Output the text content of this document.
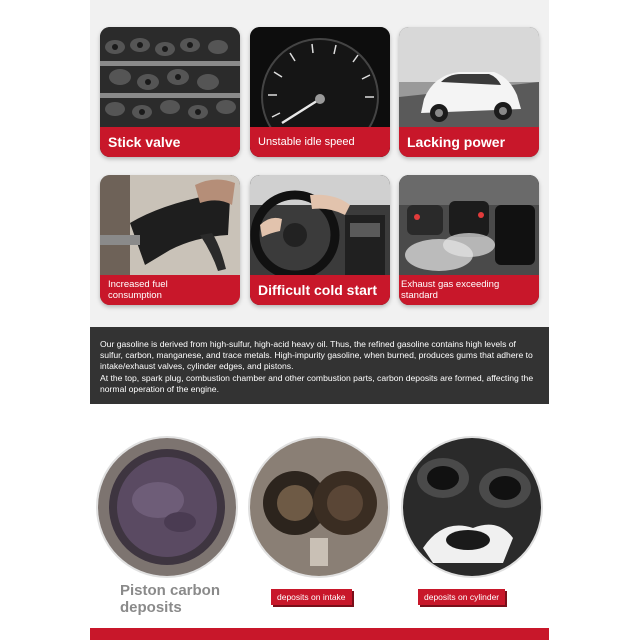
Stick valve	Unstable idle speed	Lacking power
Increased fuel
consumption	Difficult cold start	Exhaust gas exceeding
standard

Our gasoline is derived from high-sulfur, high-acid heavy oil. Thus, the refined gasoline contains high levels of sulfur, carbon, manganese, and trace metals. High-impurity gasoline, when burned, produces gums that adhere to intake/exhaust valves, cylinder edges, and pistons.

At the top, spark plug, combustion chamber and other combustion parts, carbon deposits are formed, affecting the normal operation of the engine.

Piston carbon
deposits
deposits on intake	deposits on cylinder
